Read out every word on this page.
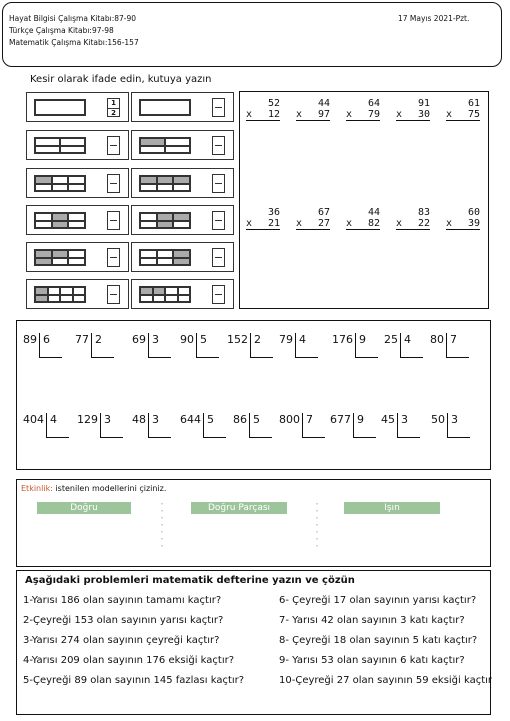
Hayat Bilgisi Çalışma Kitabı:87-90
Türkçe Çalışma Kitabı:97-98
Matematik Çalışma Kitabı:156-157
17 Mayıs 2021-Pzt.
Kesir olarak ifade edin, kutuya yazın
$\frac{1}{2}$	52
x 12
44
x 97
64
x 79
91
x 30
61
x 75
36
x 21
67
x 27
44
x 82
83
x 22
60
x 39
89 6	77 2	69 3	90 5	152 2	79 4	176 9	25 4	80 7
404 4	129 3	48 3	644 5	86 5	800 7	677 9	45 3	50 3
Etkinlik: istenilen modellerini çiziniz.
Doğru	˅
˅
˅
˅
˅
˅
˅
Doğru Parçası	˄
˄
˄
˄
˄
˄
˄
Işın
Aşağıdaki problemleri matematik defterine yazın ve çözün
1-Yarısı 186 olan sayının tamamı kaçtır?
2-Çeyreği 153 olan sayının yarısı kaçtır?
3-Yarısı 274 olan sayının çeyreği kaçtır?
4-Yarısı 209 olan sayının 176 eksiği kaçtır?
5-Çeyreği 89 olan sayının 145 fazlası kaçtır?
6- Çeyreği 17 olan sayının yarısı kaçtır?
7- Yarısı 42 olan sayının 3 katı kaçtır?
8- Çeyreği 18 olan sayının 5 katı kaçtır?
9- Yarısı 53 olan sayının 6 katı kaçtır?
10-Çeyreği 27 olan sayının 59 eksiği kaçtır
